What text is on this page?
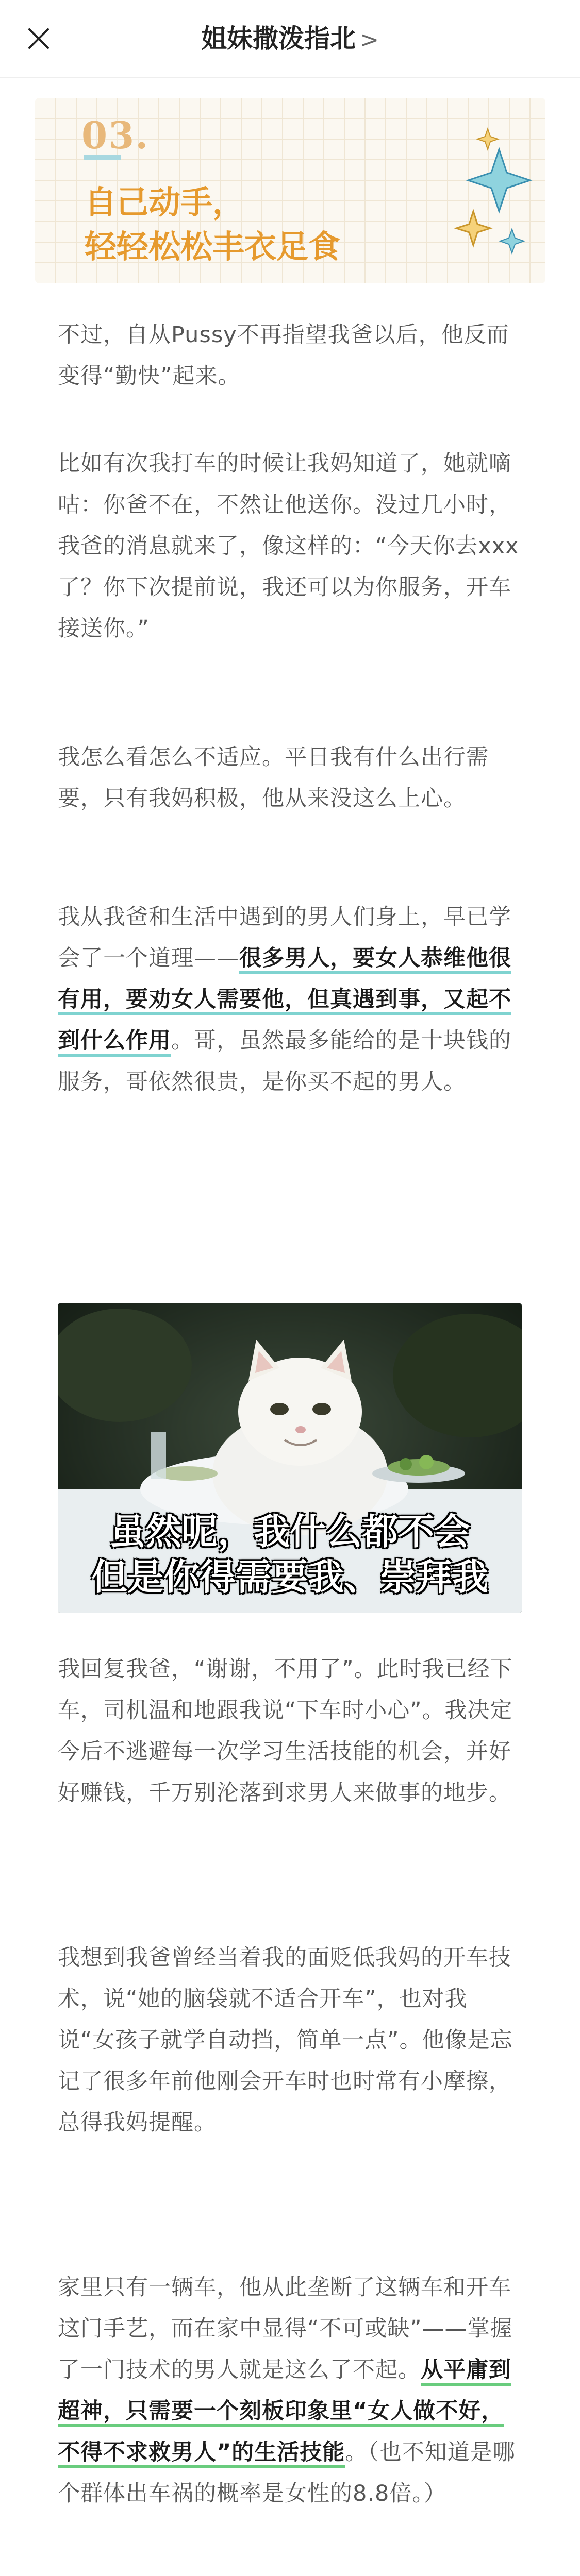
姐妹撒泼指北 >
03.
自己动手，
轻轻松松丰衣足食

不过，自从Pussy不再指望我爸以后，他反而变得“勤快”起来。

比如有次我打车的时候让我妈知道了，她就嘀咕：你爸不在，不然让他送你。没过几小时，我爸的消息就来了，像这样的：“今天你去xxx了？你下次提前说，我还可以为你服务，开车接送你。”

我怎么看怎么不适应。平日我有什么出行需要，只有我妈积极，他从来没这么上心。

我从我爸和生活中遇到的男人们身上，早已学会了一个道理——很多男人，要女人恭维他很有用，要劝女人需要他，但真遇到事，又起不到什么作用。哥，虽然最多能给的是十块钱的服务，哥依然很贵，是你买不起的男人。

虽然呢，我什么都不会
但是你得需要我、崇拜我

我回复我爸，“谢谢，不用了”。此时我已经下车，司机温和地跟我说“下车时小心”。我决定今后不逃避每一次学习生活技能的机会，并好好赚钱，千万别沦落到求男人来做事的地步。

我想到我爸曾经当着我的面贬低我妈的开车技术，说“她的脑袋就不适合开车”，也对我说“女孩子就学自动挡，简单一点”。他像是忘记了很多年前他刚会开车时也时常有小摩擦，总得我妈提醒。

家里只有一辆车，他从此垄断了这辆车和开车这门手艺，而在家中显得“不可或缺”——掌握了一门技术的男人就是这么了不起。从平庸到超神，只需要一个刻板印象里“女人做不好，不得不求救男人”的生活技能。（也不知道是哪个群体出车祸的概率是女性的8.8倍。）
